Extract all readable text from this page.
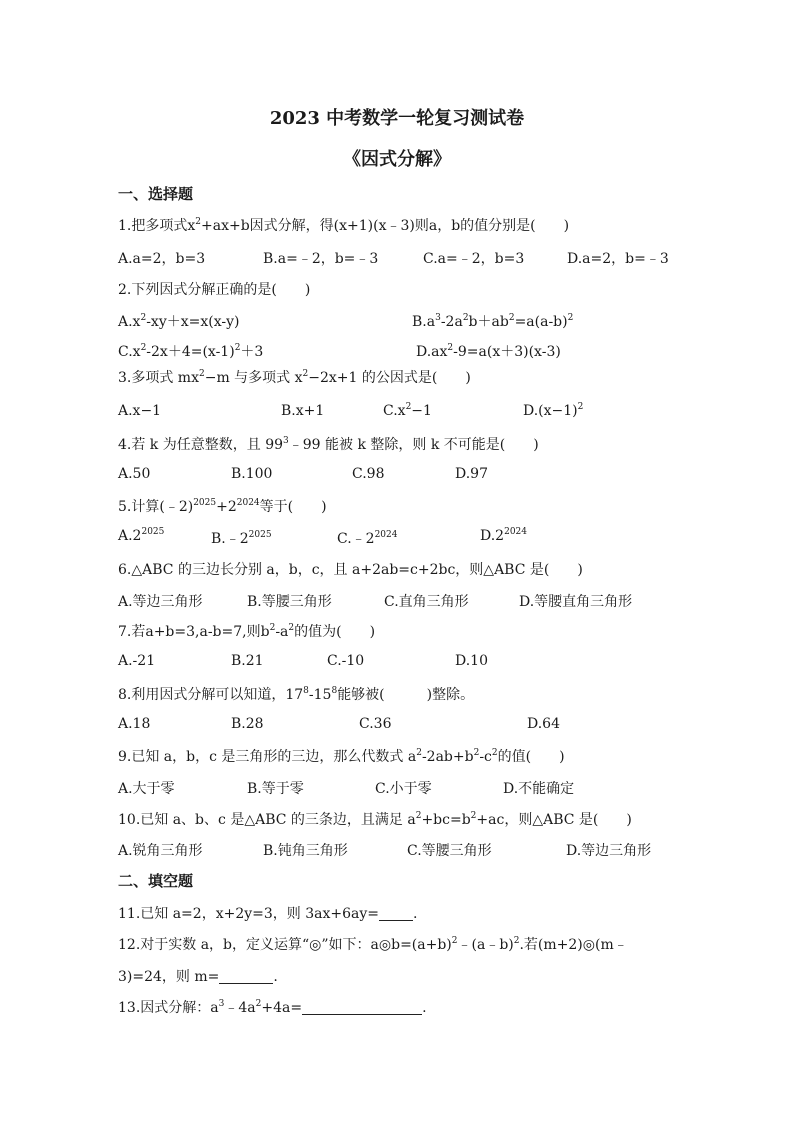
2023 中考数学一轮复习测试卷
《因式分解》
一、选择题
1.把多项式$x^2+ax+b$因式分解，得(x+1)(x﹣3)则a，b的值分别是(　　)
A.a=2，b=3	B.a=﹣2，b=﹣3	C.a=﹣2，b=3	D.a=2，b=﹣3
2.下列因式分解正确的是(　　)
$A.x^2-xy+x=x(x-y)$	$B.a^3-2a^2b+ab^2=a(a-b)^2$
$C.x^2-2x+4=(x-1)^2+3$	$D.ax^2-9=a(x+3)(x-3)$
3.多项式 $mx^2-m$ 与多项式 $x^2-2x+1$ 的公因式是(　　)
A.x−1	B.x+1	$C.x^2-1$	$D.(x-1)^2$
4.若 k 为任意整数，且 $99^3﹣99$ 能被 k 整除，则 k 不可能是(　　)
A.50	B.100	C.98	D.97
5.计算$(﹣2)^{2025}+2^{2024}$等于(　　)
$A.2^{2025}$	$B.﹣2^{2025}$	$C.﹣2^{2024}$	$D.2^{2024}$
6.△ABC 的三边长分别 a，b，c，且 a+2ab=c+2bc，则△ABC 是(　　)
A.等边三角形	B.等腰三角形	C.直角三角形	D.等腰直角三角形
7.若a+b=3,a-b=7,则$b^2-a^2$的值为(　　)
A.-21	B.21	C.-10	D.10
8.利用因式分解可以知道，$17^8-15^8$能够被(　　　)整除。
A.18	B.28	C.36	D.64
9.已知 a，b，c 是三角形的三边，那么代数式 $a^2-2ab+b^2-c^2$的值(　　)
A.大于零	B.等于零	C.小于零	D.不能确定
10.已知 a、b、c 是△ABC 的三条边，且满足 $a^2+bc=b^2+ac$，则△ABC 是(　　)
A.锐角三角形	B.钝角三角形	C.等腰三角形	D.等边三角形
二、填空题
11.已知 a=2，x+2y=3，则 3ax+6ay= .
12.对于实数 a，b，定义运算“◎”如下：$a◎b=(a+b)^2﹣(a﹣b)^2$.若(m+2)◎(m﹣
3)=24，则 m=	.
13.因式分解：$a^3﹣4a^2+4a=$	.
